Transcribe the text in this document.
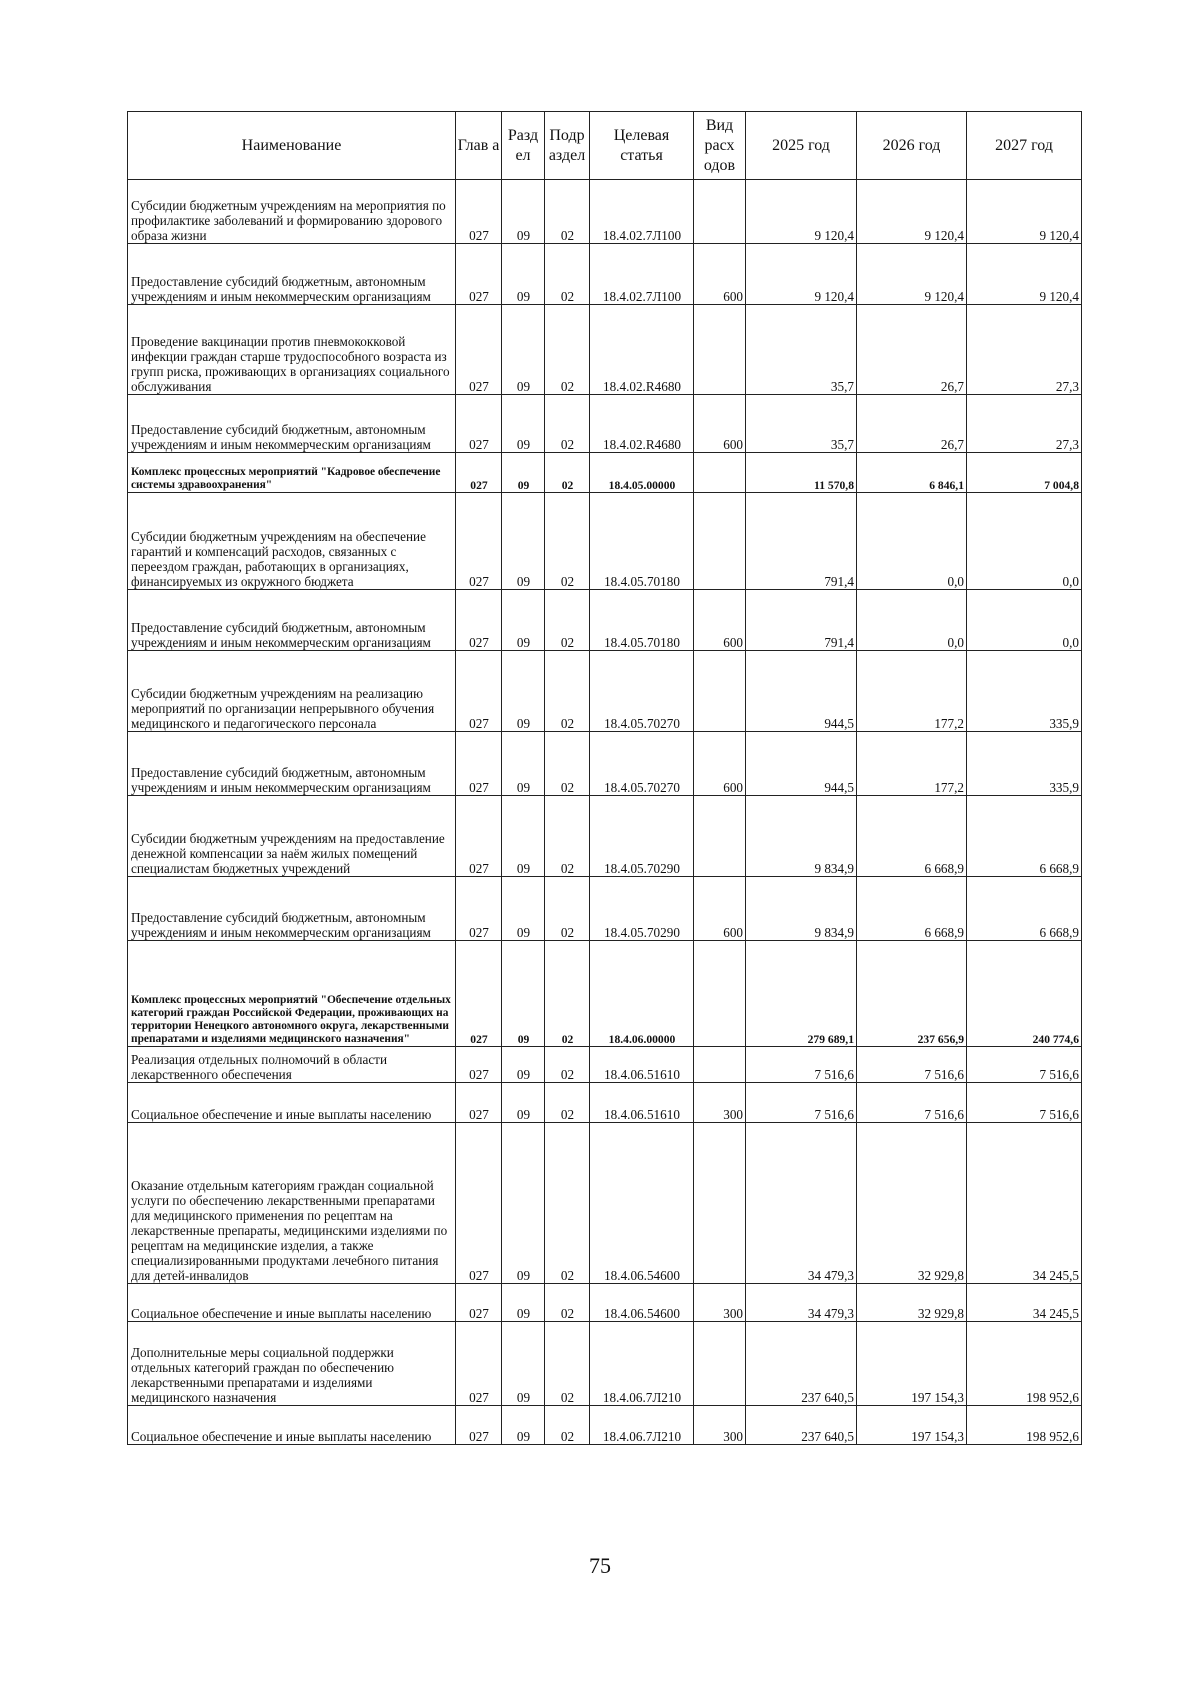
Наименование	Глав а	Разд ел	Подр аздел	Целевая статья	Вид расх одов	2025 год	2026 год	2027 год
Субсидии бюджетным учреждениям на мероприятия по профилактике заболеваний и формированию здорового образа жизни	027	09	02	18.4.02.7Л100		9 120,4	9 120,4	9 120,4
Предоставление субсидий бюджетным, автономным учреждениям и иным некоммерческим организациям	027	09	02	18.4.02.7Л100	600	9 120,4	9 120,4	9 120,4
Проведение вакцинации против пневмококковой инфекции граждан старше трудоспособного возраста из групп риска, проживающих в организациях социального обслуживания	027	09	02	18.4.02.R4680		35,7	26,7	27,3
Предоставление субсидий бюджетным, автономным учреждениям и иным некоммерческим организациям	027	09	02	18.4.02.R4680	600	35,7	26,7	27,3
Комплекс процессных мероприятий "Кадровое обеспечение системы здравоохранения"	027	09	02	18.4.05.00000		11 570,8	6 846,1	7 004,8
Субсидии бюджетным учреждениям на обеспечение гарантий и компенсаций расходов, связанных с переездом граждан, работающих в организациях, финансируемых из окружного бюджета	027	09	02	18.4.05.70180		791,4	0,0	0,0
Предоставление субсидий бюджетным, автономным учреждениям и иным некоммерческим организациям	027	09	02	18.4.05.70180	600	791,4	0,0	0,0
Субсидии бюджетным учреждениям на реализацию мероприятий по организации непрерывного обучения медицинского и педагогического персонала	027	09	02	18.4.05.70270		944,5	177,2	335,9
Предоставление субсидий бюджетным, автономным учреждениям и иным некоммерческим организациям	027	09	02	18.4.05.70270	600	944,5	177,2	335,9
Субсидии бюджетным учреждениям на предоставление денежной компенсации за наём жилых помещений специалистам бюджетных учреждений	027	09	02	18.4.05.70290		9 834,9	6 668,9	6 668,9
Предоставление субсидий бюджетным, автономным учреждениям и иным некоммерческим организациям	027	09	02	18.4.05.70290	600	9 834,9	6 668,9	6 668,9
Комплекс процессных мероприятий "Обеспечение отдельных категорий граждан Российской Федерации, проживающих на территории Ненецкого автономного округа, лекарственными препаратами и изделиями медицинского назначения"	027	09	02	18.4.06.00000		279 689,1	237 656,9	240 774,6
Реализация отдельных полномочий в области лекарственного обеспечения	027	09	02	18.4.06.51610		7 516,6	7 516,6	7 516,6
Социальное обеспечение и иные выплаты населению	027	09	02	18.4.06.51610	300	7 516,6	7 516,6	7 516,6
Оказание отдельным категориям граждан социальной услуги по обеспечению лекарственными препаратами для медицинского применения по рецептам на лекарственные препараты, медицинскими изделиями по рецептам на медицинские изделия, а также специализированными продуктами лечебного питания для детей-инвалидов	027	09	02	18.4.06.54600		34 479,3	32 929,8	34 245,5
Социальное обеспечение и иные выплаты населению	027	09	02	18.4.06.54600	300	34 479,3	32 929,8	34 245,5
Дополнительные меры социальной поддержки отдельных категорий граждан по обеспечению лекарственными препаратами и изделиями медицинского назначения	027	09	02	18.4.06.7Л210		237 640,5	197 154,3	198 952,6
Социальное обеспечение и иные выплаты населению	027	09	02	18.4.06.7Л210	300	237 640,5	197 154,3	198 952,6
75
